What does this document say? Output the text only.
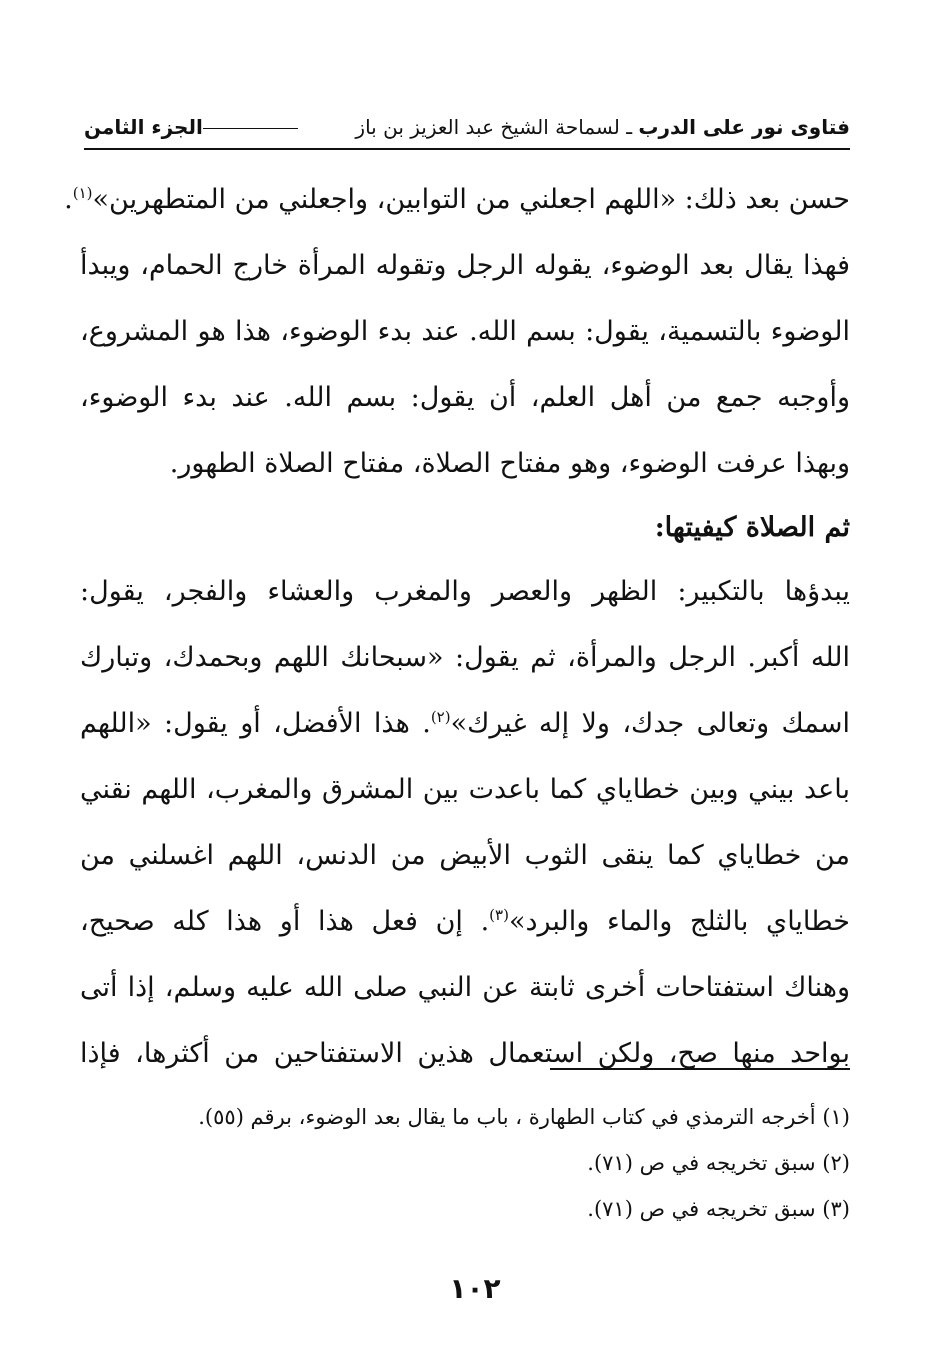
فتاوى نور على الدرب ـ لسماحة الشيخ عبد العزيز بن باز
الجزء الثامن
حسن بعد ذلك: «اللهم اجعلني من التوابين، واجعلني من المتطهرين»$^{(١)}$.
فهذا يقال بعد الوضوء، يقوله الرجل وتقوله المرأة خارج الحمام، ويبدأ
الوضوء بالتسمية، يقول: بسم الله. عند بدء الوضوء، هذا هو المشروع،
وأوجبه جمع من أهل العلم، أن يقول: بسم الله. عند بدء الوضوء،
وبهذا عرفت الوضوء، وهو مفتاح الصلاة، مفتاح الصلاة الطهور.
ثم الصلاة كيفيتها:
يبدؤها بالتكبير: الظهر والعصر والمغرب والعشاء والفجر، يقول:
الله أكبر. الرجل والمرأة، ثم يقول: «سبحانك اللهم وبحمدك، وتبارك
اسمك وتعالى جدك، ولا إله غيرك»$^{(٢)}$. هذا الأفضل، أو يقول: «اللهم
باعد بيني وبين خطاياي كما باعدت بين المشرق والمغرب، اللهم نقني
من خطاياي كما ينقى الثوب الأبيض من الدنس، اللهم اغسلني من
خطاياي بالثلج والماء والبرد»$^{(٣)}$. إن فعل هذا أو هذا كله صحيح،
وهناك استفتاحات أخرى ثابتة عن النبي صلى الله عليه وسلم، إذا أتى
بواحد منها صح، ولكن استعمال هذين الاستفتاحين من أكثرها، فإذا
(١) أخرجه الترمذي في كتاب الطهارة ، باب ما يقال بعد الوضوء، برقم (٥٥).
(٢) سبق تخريجه في ص (٧١).
(٣) سبق تخريجه في ص (٧١).
١٠٢
